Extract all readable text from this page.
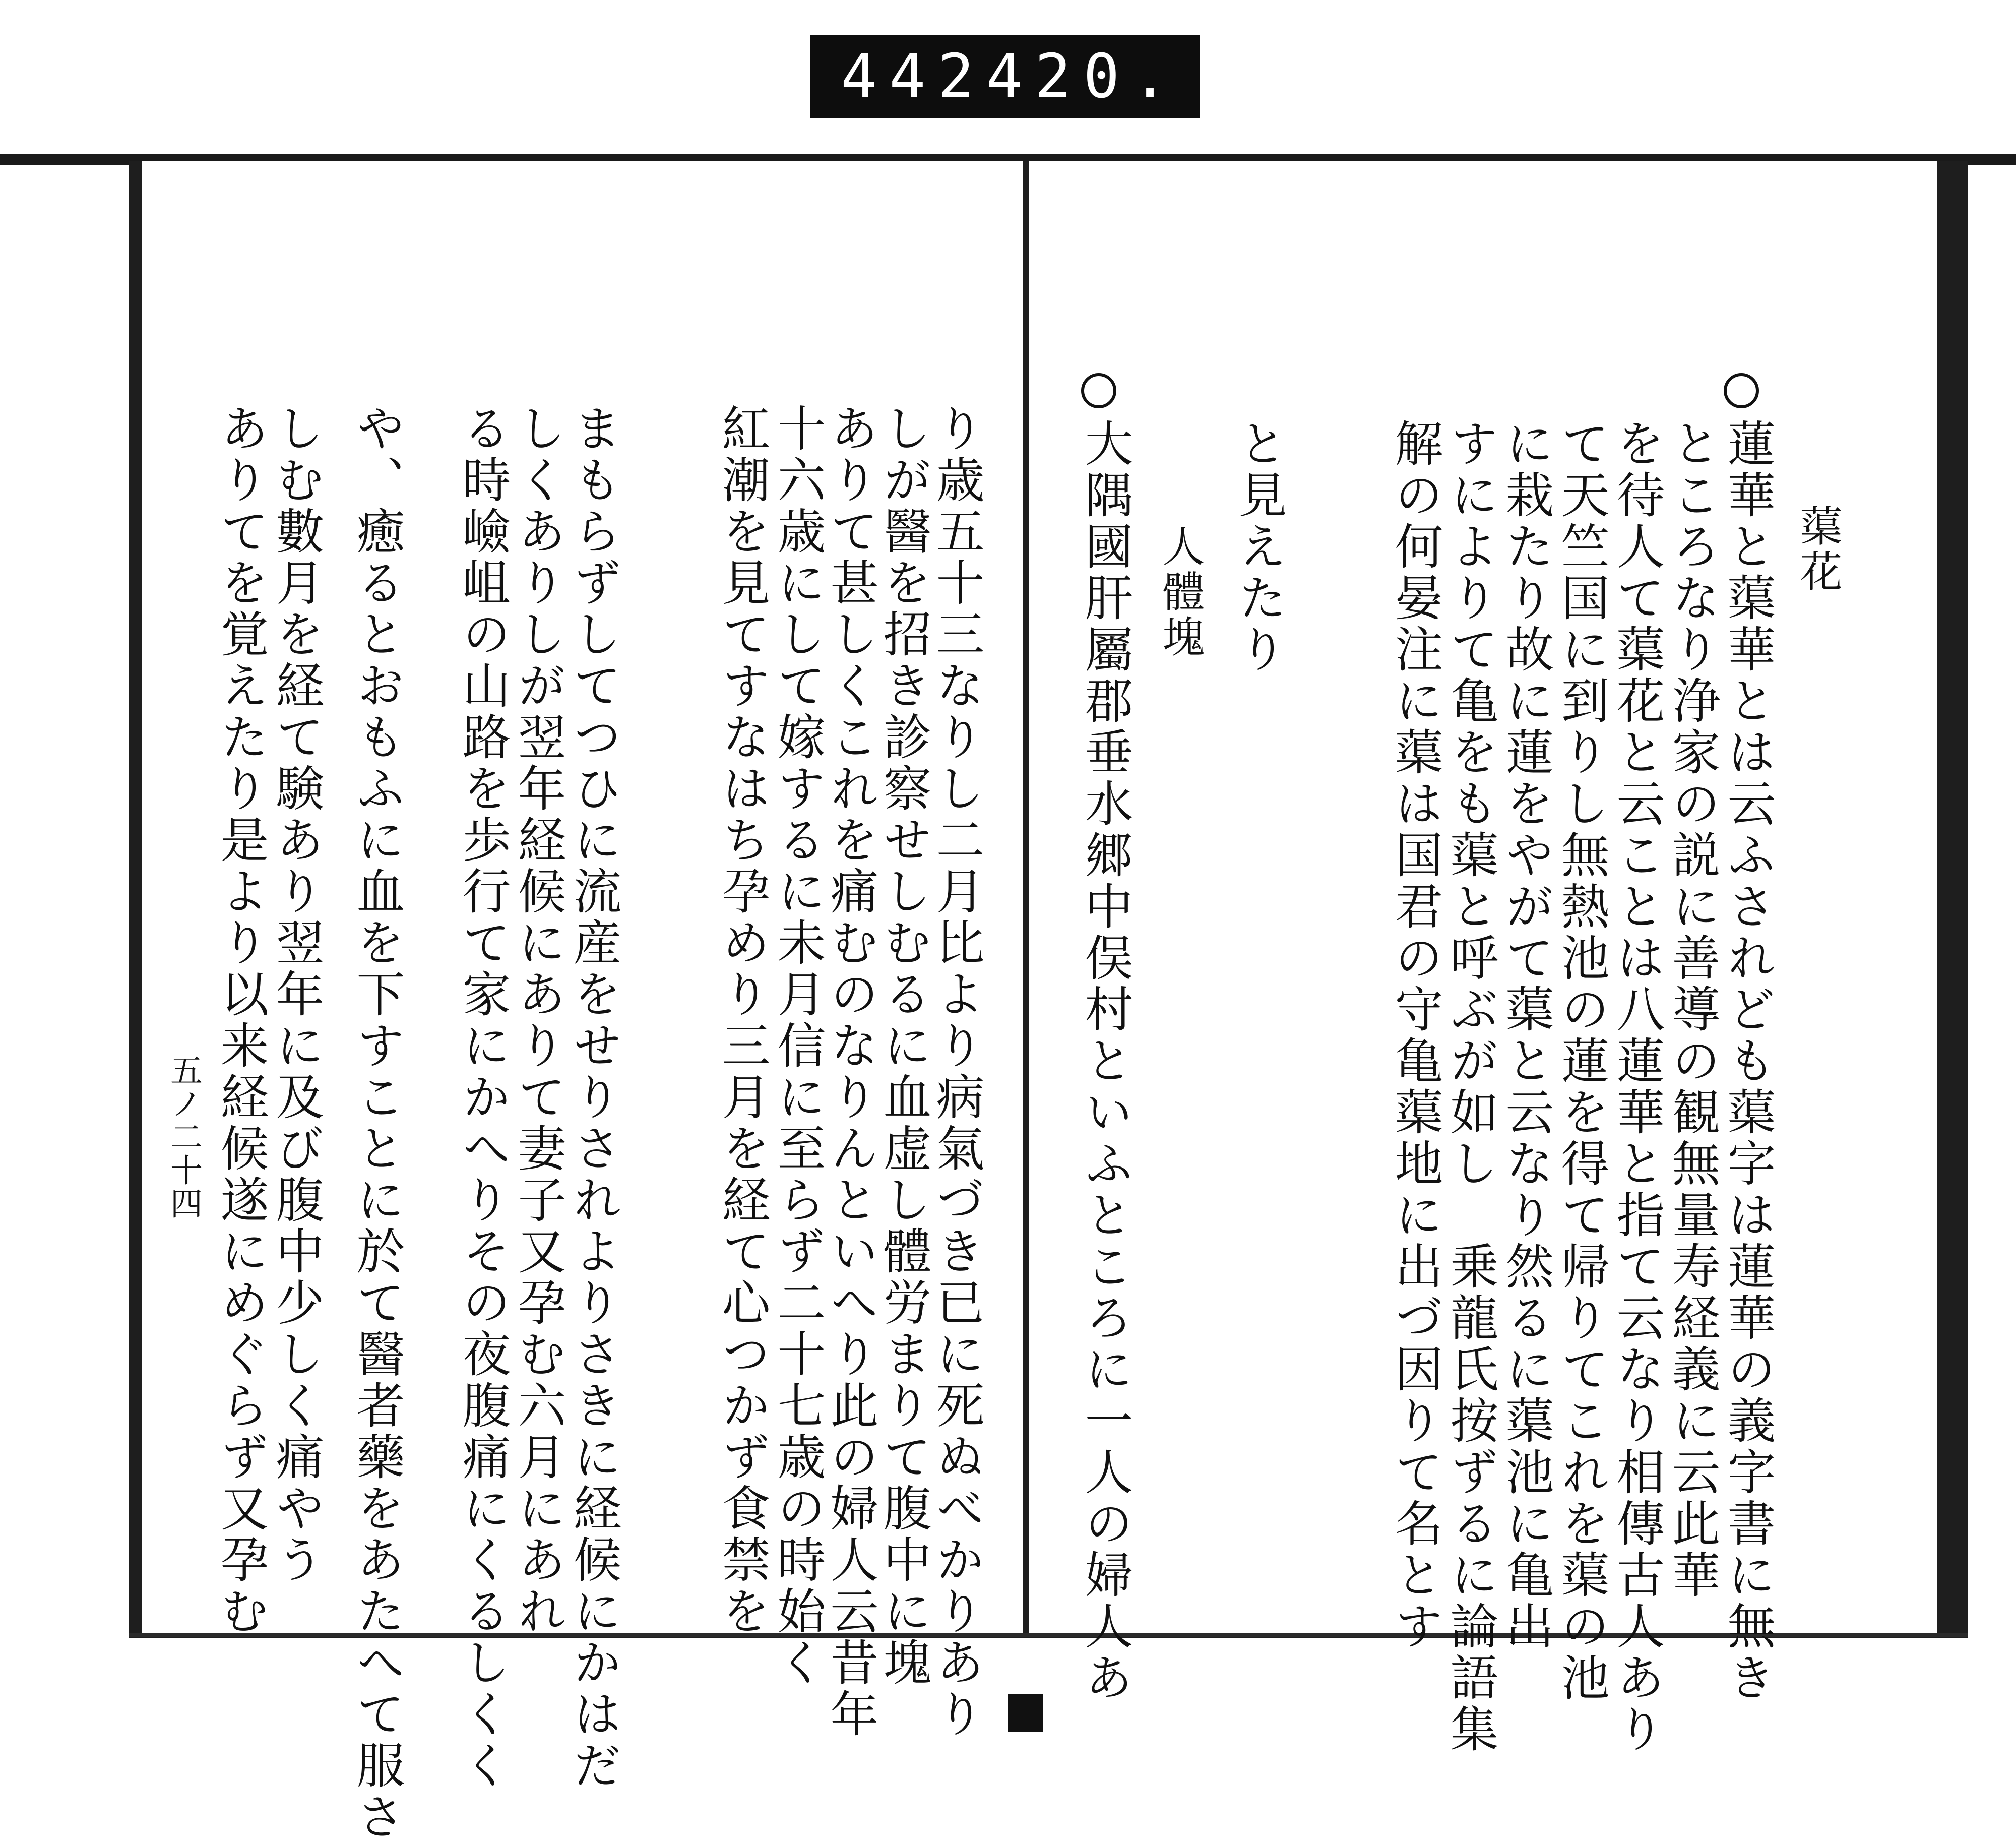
442 420.
蕖花
蓮華と蕖華とは云ふされども蕖字は蓮華の義字書に無き
ところなり浄家の説に善導の観無量寿経義に云此華
を待人て蕖花と云ことは八蓮華と指て云なり相傳古人あり
て天竺国に到りし無熱池の蓮を得て帰りてこれを蕖の池
に栽たり故に蓮をやがて蕖と云なり然るに蕖池に亀出
すによりて亀をも蕖と呼ぶが如し　乗龍氏按ずるに論語集
解の何晏注に蕖は国君の守亀蕖地に出づ因りて名とす
と見えたり
人體塊
大隅國肝屬郡垂水郷中俣村といふところに一人の婦人あ
り歳五十三なりし二月比より病氣づき已に死ぬべかりあり
しが醫を招き診察せしむるに血虚し體労まりて腹中に塊
ありて甚しくこれを痛むのなりんといへり此の婦人云昔年
十六歳にして嫁するに未月信に至らず二十七歳の時始く
紅潮を見てすなはち孕めり三月を経て心つかず食禁を
まもらずしてつひに流産をせりされよりさきに経候にかはだ
しくありしが翌年経候にありて妻子又孕む六月にあれ
る時嶮岨の山路を歩行て家にかへりその夜腹痛にくるしくく
や、癒るとおもふに血を下すことに於て醫者藥をあたへて服さ
しむ數月を経て験あり翌年に及び腹中少しく痛やう
ありてを覚えたり是より以来経候遂にめぐらず又孕む
五ノ二十四
